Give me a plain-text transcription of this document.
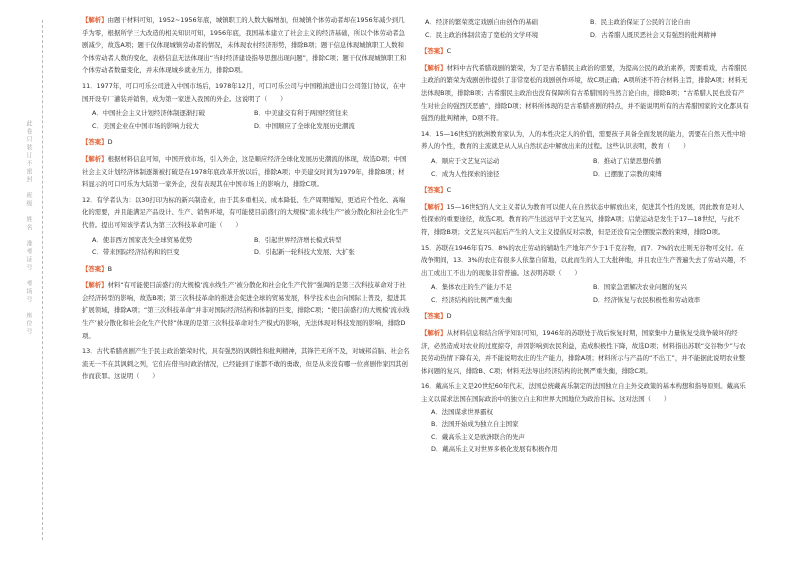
此卷只装订不密封　班级　姓名　准考证号　考场号　座位号

【解析】由题干材料可知，1952~1956年底，城镇职工的人数大幅增加，但城镇个体劳动者却在1956年减少到几乎为零，根据所学三大改造的相关知识可知，1956年底，我国基本建立了社会主义的经济基础，所以个体劳动者急剧减少，故选A项；题干仅体现城镇劳动者的情况，未体现农村经济形势，排除B项；题干信息体现城镇职工人数和个体劳动者人数的变化，表格信息无法体现出“当时经济建设指导思想出现问题”，排除C项；题干仅体现城镇职工和个体劳动者数量变化，并未体现城乡就业压力，排除D项。

11．1977年，可口可乐公司进入中国市场后，1978年12月，可口可乐公司与中国粮油进出口公司签订协议，在中国开设专厂灌装并销售，成为第一家进入我国的外企。这说明了（　　）

A．中国社会主义计划经济体制逐渐打破	B．中美建交有利于两国经贸往来
C．美国企业在中国市场的影响力较大	D．中国顺应了全球化发展历史潮流

【答案】D

【解析】根据材料信息可知，中国开放市场，引入外企，这是顺应经济全球化发展历史潮流的体现，故选D项；中国社会主义计划经济体制逐渐被打破是在1978年底改革开放以后，排除A项；中美建交时间为1979年，排除B项；材料显示的可口可乐为大陆第一家外企，没有表现其在中国市场上的影响力，排除C项。

12．有学者认为：以30打印为标的新兴制造业，由于其多重相关、成本降低、生产周期缩短，更适应个性化、高端化的需要，并且能满足产品设计、生产、销售环境，有可能使目前盛行的大规模“流水线生产”被分散化和社会化生产代替。提出可知该学者认为第三次科技革命可能（　　）

A．使非西方国家丧失全球贸易优势	B．引起世界经济增长模式转型
C．带来国际经济结构和的巨变	D．引起新一轮科技大发展、大扩张

【答案】B

【解析】材料“有可能使目前盛行的大规模‘流水线生产’被分散化和社会化生产代替”强调的是第三次科技革命对于社会经济转型的影响，故选B项；第三次科技革命的推进会促进全球的贸易发展，科学技术也会向国际上普及，提进其扩展领域，排除A项；“第三次科技革命”并非对国际经济结构和体制的巨变，排除C项；“使目前盛行的大规模‘流水线生产’被分散化和社会化生产代替”体现的是第三次科技革命对生产模式的影响，无法体现对科技发展的影响，排除D项。

13．古代希腊喜剧产生于民主政治繁荣时代，具有强烈的讽刺性和批判精神，其锋芒无所不及，对城邦首脑、社会名流无一不在其讽刺之列，它们在借当时政治情况，已经能到了谁都不敢的勇敢，但是从来没有哪一位喜剧作家因其创作而获罪。这说明（　　）

A．经济的繁荣奠定戏剧自由创作的基础	B．民主政治保证了公民的言论自由
C．民主政治体制营造了宽松的文学环境	D．古希腊人既厌恶社会又有强烈的批判精神

【答案】C

【解析】材料中古代希腊戏剧的繁荣，为了是古希腊民主政治的需要，为提高公民的政治素养，需要看戏，古希腊民主政治的繁荣为戏剧创作提供了非常宽松的戏剧创作环境，故C项正确；A项所述不符合材料主旨，排除A项；材料无法体现B项，排除B项；古希腊民主政治也没有保障所有古希腊国的当然言论自由，排除B项；“古希腊人民也没有产生对社会的强烈厌恶感”，排除D项；材料所体现的是古希腊喜剧的特点，并不能说明所有的古希腊国家的文化都具有强烈的批判精神，D项不符。

14．15—16世纪的欧洲教育家认为，人的本性决定人的价值，需要孩子具备全面发展的能力，需要在自然天性中培养人的个性，教育的主流就是从人从自然状态中解放出来的过程。这些认识表明，教育（　　）

A．顺应于文艺复兴运动	B．推动了启蒙思想传播
C．成为人性探索的途径	D．已摆脱了宗教的束缚

【答案】C

【解析】15—16世纪的人文主义者认为教育可以使人在自然状态中解放出来，促进其个性的发展，因此教育是对人性探索的重要途径，故选C项。教育的产生远远早于文艺复兴，排除A项；启蒙运动是发生于17—18世纪，与此不符，排除B项；文艺复兴兴起后产生的人文主义提倡反对宗教，但是还没有完全摆脱宗教的束缚，排除D项。

15．苏联在1946年有75．8%的农庄劳动的辅助生产地年产少于1千克谷物，而7．7%的农庄则无谷物可交付。在战争期间，13．3%的农庄有很多人依靠自留地，以此而生的人工大批种地，并且农庄生产普遍失去了劳动兴趣，不出工或出工不出力的现象非常普遍。这表明苏联（　　）

A．集体农庄的生产能力不足	B．国家急需解决农业问题的复兴
C．经济结构的比例严重失衡	D．经济恢复与农民积极性和劳动效率

【答案】D

【解析】从材料信息和结合所学知识可知，1946年的苏联处于战后恢复时期，国家集中力量恢复受战争破坏的经济，必然造成对农业的过度掠夺，并因影响到农民利益，造成积极性下降，故选D项；材料指出苏联“交谷物少”与农民劳动热情下降有关，并不能说明农庄的生产能力，排除A项；材料所示与产品的“不出工”，并不能据此说明农业整体问题的复兴，排除B、C项；材料无法导出经济结构的比例严重失衡，排除C项。

16．戴高乐主义是20世纪60年代末，法国总统戴高乐制定的法国独立自主外交政策的基本构想和指导原则。戴高乐主义以谋求法国在国际政治中的独立自主和世界大国地位为政治目标。这对法国（　　）

A．法国谋求世界霸权
B．法国开始成为独立自主国家
C．戴高乐主义是欧洲联合的先声
D．戴高乐主义对世界多极化发展有积极作用
